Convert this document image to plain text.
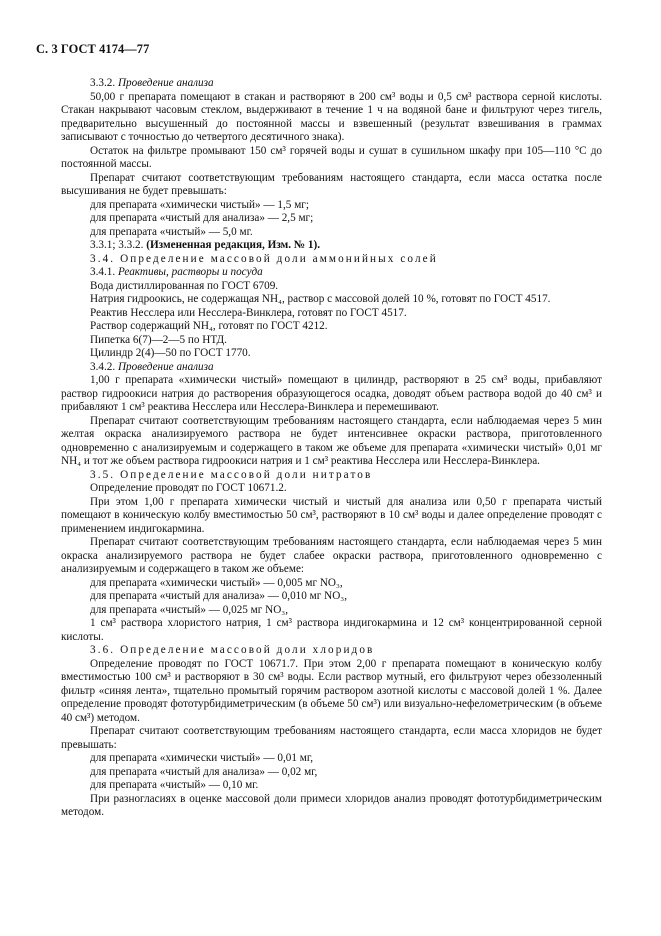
С. 3 ГОСТ 4174—77

3.3.2. Проведение анализа

50,00 г препарата помещают в стакан и растворяют в 200 см³ воды и 0,5 см³ раствора серной кислоты. Стакан накрывают часовым стеклом, выдерживают в течение 1 ч на водяной бане и фильтруют через тигель, предварительно высушенный до постоянной массы и взвешенный (результат взвешивания в граммах записывают с точностью до четвертого десятичного знака).

Остаток на фильтре промывают 150 см³ горячей воды и сушат в сушильном шкафу при 105—110 °С до постоянной массы.

Препарат считают соответствующим требованиям настоящего стандарта, если масса остатка после высушивания не будет превышать:

для препарата «химически чистый» — 1,5 мг;

для препарата «чистый для анализа» — 2,5 мг;

для препарата «чистый» — 5,0 мг.

3.3.1; 3.3.2. (Измененная редакция, Изм. № 1).

3.4. Определение массовой доли аммонийных солей

3.4.1. Реактивы, растворы и посуда

Вода дистиллированная по ГОСТ 6709.

Натрия гидроокись, не содержащая NH₄, раствор с массовой долей 10 %, готовят по ГОСТ 4517.

Реактив Несслера или Несслера-Винклера, готовят по ГОСТ 4517.

Раствор содержащий NH₄, готовят по ГОСТ 4212.

Пипетка 6(7)—2—5 по НТД.

Цилиндр 2(4)—50 по ГОСТ 1770.

3.4.2. Проведение анализа

1,00 г препарата «химически чистый» помещают в цилиндр, растворяют в 25 см³ воды, прибавляют раствор гидроокиси натрия до растворения образующегося осадка, доводят объем раствора водой до 40 см³ и прибавляют 1 см³ реактива Несслера или Несслера-Винклера и перемешивают.

Препарат считают соответствующим требованиям настоящего стандарта, если наблюдаемая через 5 мин желтая окраска анализируемого раствора не будет интенсивнее окраски раствора, приготовленного одновременно с анализируемым и содержащего в таком же объеме для препарата «химически чистый» 0,01 мг NH₄ и тот же объем раствора гидроокиси натрия и 1 см³ реактива Несслера или Несслера-Винклера.

3.5. Определение массовой доли нитратов

Определение проводят по ГОСТ 10671.2.

При этом 1,00 г препарата химически чистый и чистый для анализа или 0,50 г препарата чистый помещают в коническую колбу вместимостью 50 см³, растворяют в 10 см³ воды и далее определение проводят с применением индигокармина.

Препарат считают соответствующим требованиям настоящего стандарта, если наблюдаемая через 5 мин окраска анализируемого раствора не будет слабее окраски раствора, приготовленного одновременно с анализируемым и содержащего в таком же объеме:

для препарата «химически чистый» — 0,005 мг NO₃,

для препарата «чистый для анализа» — 0,010 мг NO₃,

для препарата «чистый» — 0,025 мг NO₃,

1 см³ раствора хлористого натрия, 1 см³ раствора индигокармина и 12 см³ концентрированной серной кислоты.

3.6. Определение массовой доли хлоридов

Определение проводят по ГОСТ 10671.7. При этом 2,00 г препарата помещают в коническую колбу вместимостью 100 см³ и растворяют в 30 см³ воды. Если раствор мутный, его фильтруют через обеззоленный фильтр «синяя лента», тщательно промытый горячим раствором азотной кислоты с массовой долей 1 %. Далее определение проводят фототурбидиметрическим (в объеме 50 см³) или визуально-нефелометрическим (в объеме 40 см³) методом.

Препарат считают соответствующим требованиям настоящего стандарта, если масса хлоридов не будет превышать:

для препарата «химически чистый» — 0,01 мг,

для препарата «чистый для анализа» — 0,02 мг,

для препарата «чистый» — 0,10 мг.

При разногласиях в оценке массовой доли примеси хлоридов анализ проводят фототурбидиметрическим методом.
